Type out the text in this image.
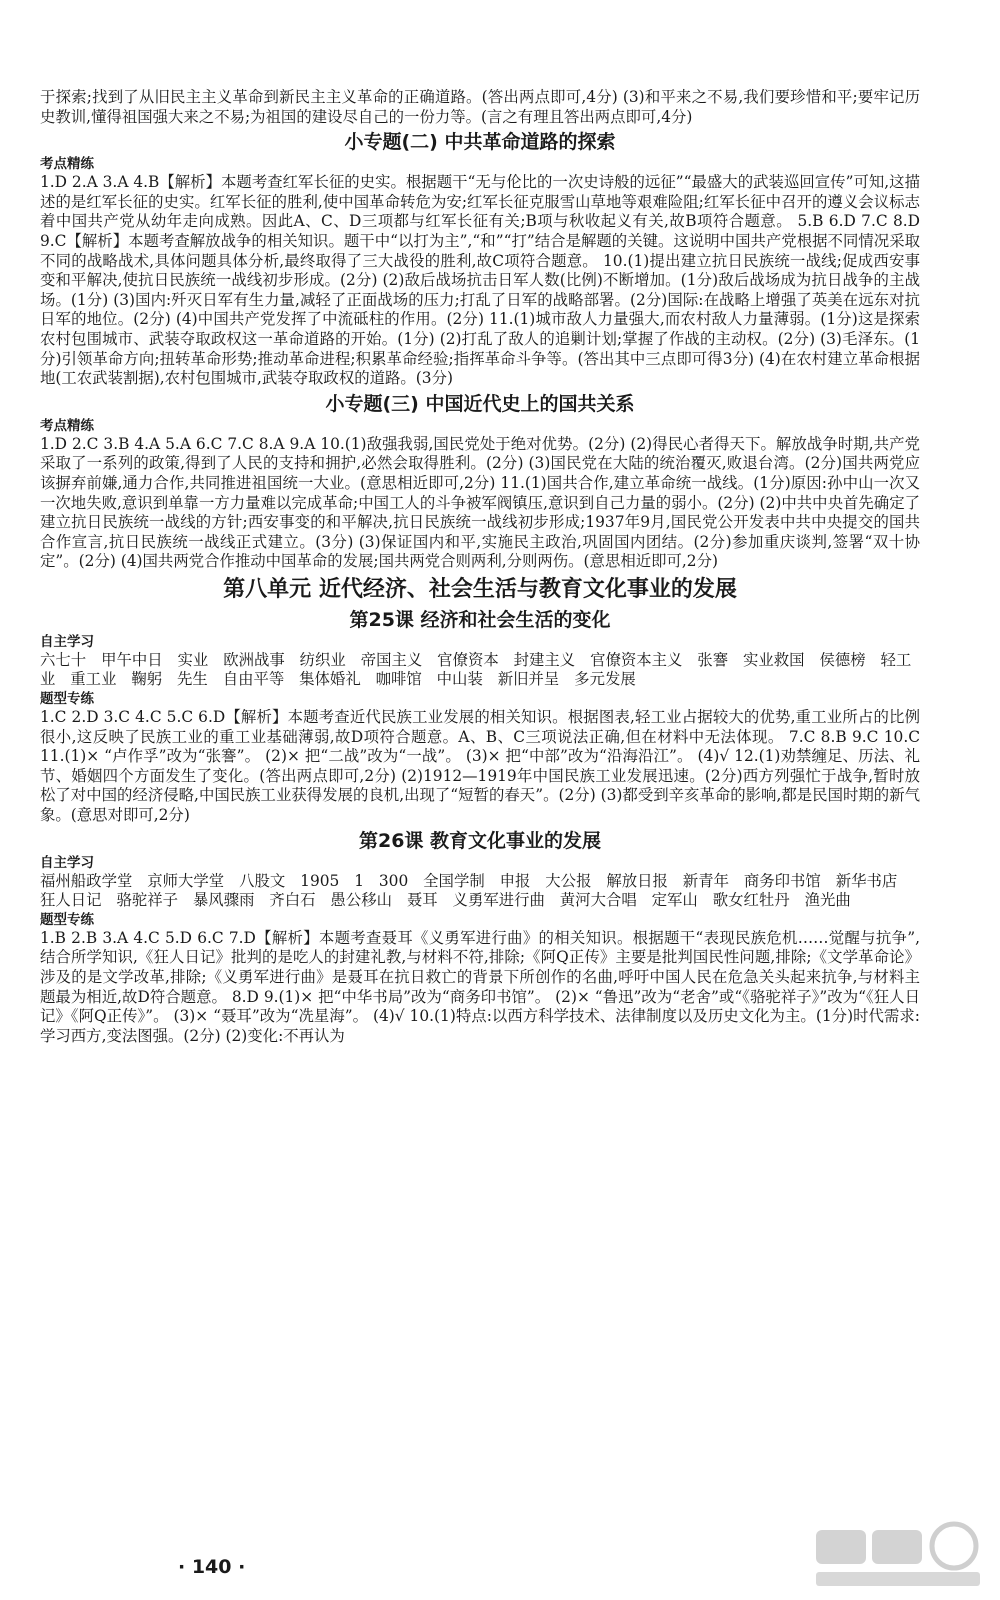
于探索;找到了从旧民主主义革命到新民主主义革命的正确道路。(答出两点即可,4分) (3)和平来之不易,我们要珍惜和平;要牢记历史教训,懂得祖国强大来之不易;为祖国的建设尽自己的一份力等。(言之有理且答出两点即可,4分)

小专题(二) 中共革命道路的探索
考点精练

1.D 2.A 3.A 4.B【解析】本题考查红军长征的史实。根据题干“无与伦比的一次史诗般的远征”“最盛大的武装巡回宣传”可知,这描述的是红军长征的史实。红军长征的胜利,使中国革命转危为安;红军长征克服雪山草地等艰难险阻;红军长征中召开的遵义会议标志着中国共产党从幼年走向成熟。因此A、C、D三项都与红军长征有关;B项与秋收起义有关,故B项符合题意。 5.B 6.D 7.C 8.D 9.C【解析】本题考查解放战争的相关知识。题干中“以打为主”,“和”“打”结合是解题的关键。这说明中国共产党根据不同情况采取不同的战略战术,具体问题具体分析,最终取得了三大战役的胜利,故C项符合题意。 10.(1)提出建立抗日民族统一战线;促成西安事变和平解决,使抗日民族统一战线初步形成。(2分) (2)敌后战场抗击日军人数(比例)不断增加。(1分)敌后战场成为抗日战争的主战场。(1分) (3)国内:歼灭日军有生力量,减轻了正面战场的压力;打乱了日军的战略部署。(2分)国际:在战略上增强了英美在远东对抗日军的地位。(2分) (4)中国共产党发挥了中流砥柱的作用。(2分) 11.(1)城市敌人力量强大,而农村敌人力量薄弱。(1分)这是探索农村包围城市、武装夺取政权这一革命道路的开始。(1分) (2)打乱了敌人的追剿计划;掌握了作战的主动权。(2分) (3)毛泽东。(1分)引领革命方向;扭转革命形势;推动革命进程;积累革命经验;指挥革命斗争等。(答出其中三点即可得3分) (4)在农村建立革命根据地(工农武装割据),农村包围城市,武装夺取政权的道路。(3分)

小专题(三) 中国近代史上的国共关系
考点精练

1.D 2.C 3.B 4.A 5.A 6.C 7.C 8.A 9.A 10.(1)敌强我弱,国民党处于绝对优势。(2分) (2)得民心者得天下。解放战争时期,共产党采取了一系列的政策,得到了人民的支持和拥护,必然会取得胜利。(2分) (3)国民党在大陆的统治覆灭,败退台湾。(2分)国共两党应该摒弃前嫌,通力合作,共同推进祖国统一大业。(意思相近即可,2分) 11.(1)国共合作,建立革命统一战线。(1分)原因:孙中山一次又一次地失败,意识到单靠一方力量难以完成革命;中国工人的斗争被军阀镇压,意识到自己力量的弱小。(2分) (2)中共中央首先确定了建立抗日民族统一战线的方针;西安事变的和平解决,抗日民族统一战线初步形成;1937年9月,国民党公开发表中共中央提交的国共合作宣言,抗日民族统一战线正式建立。(3分) (3)保证国内和平,实施民主政治,巩固国内团结。(2分)参加重庆谈判,签署“双十协定”。(2分) (4)国共两党合作推动中国革命的发展;国共两党合则两利,分则两伤。(意思相近即可,2分)

第八单元 近代经济、社会生活与教育文化事业的发展
第25课 经济和社会生活的变化
自主学习

六七十 甲午中日 实业 欧洲战事 纺织业 帝国主义 官僚资本 封建主义 官僚资本主义 张謇 实业救国 侯德榜 轻工业 重工业 鞠躬 先生 自由平等 集体婚礼 咖啡馆 中山装 新旧并呈 多元发展

题型专练

1.C 2.D 3.C 4.C 5.C 6.D【解析】本题考查近代民族工业发展的相关知识。根据图表,轻工业占据较大的优势,重工业所占的比例很小,这反映了民族工业的重工业基础薄弱,故D项符合题意。A、B、C三项说法正确,但在材料中无法体现。 7.C 8.B 9.C 10.C 11.(1)× “卢作孚”改为“张謇”。 (2)× 把“二战”改为“一战”。 (3)× 把“中部”改为“沿海沿江”。 (4)√ 12.(1)劝禁缠足、历法、礼节、婚姻四个方面发生了变化。(答出两点即可,2分) (2)1912—1919年中国民族工业发展迅速。(2分)西方列强忙于战争,暂时放松了对中国的经济侵略,中国民族工业获得发展的良机,出现了“短暂的春天”。(2分) (3)都受到辛亥革命的影响,都是民国时期的新气象。(意思对即可,2分)

第26课 教育文化事业的发展
自主学习

福州船政学堂 京师大学堂 八股文 1905 1 300 全国学制 申报 大公报 解放日报 新青年 商务印书馆 新华书店 狂人日记 骆驼祥子 暴风骤雨 齐白石 愚公移山 聂耳 义勇军进行曲 黄河大合唱 定军山 歌女红牡丹 渔光曲

题型专练

1.B 2.B 3.A 4.C 5.D 6.C 7.D【解析】本题考查聂耳《义勇军进行曲》的相关知识。根据题干“表现民族危机……觉醒与抗争”,结合所学知识,《狂人日记》批判的是吃人的封建礼教,与材料不符,排除;《阿Q正传》主要是批判国民性问题,排除;《文学革命论》涉及的是文学改革,排除;《义勇军进行曲》是聂耳在抗日救亡的背景下所创作的名曲,呼吁中国人民在危急关头起来抗争,与材料主题最为相近,故D符合题意。 8.D 9.(1)× 把“中华书局”改为“商务印书馆”。 (2)× “鲁迅”改为“老舍”或“《骆驼祥子》”改为“《狂人日记》《阿Q正传》”。 (3)× “聂耳”改为“冼星海”。 (4)√ 10.(1)特点:以西方科学技术、法律制度以及历史文化为主。(1分)时代需求:学习西方,变法图强。(2分) (2)变化:不再认为

· 140 ·
